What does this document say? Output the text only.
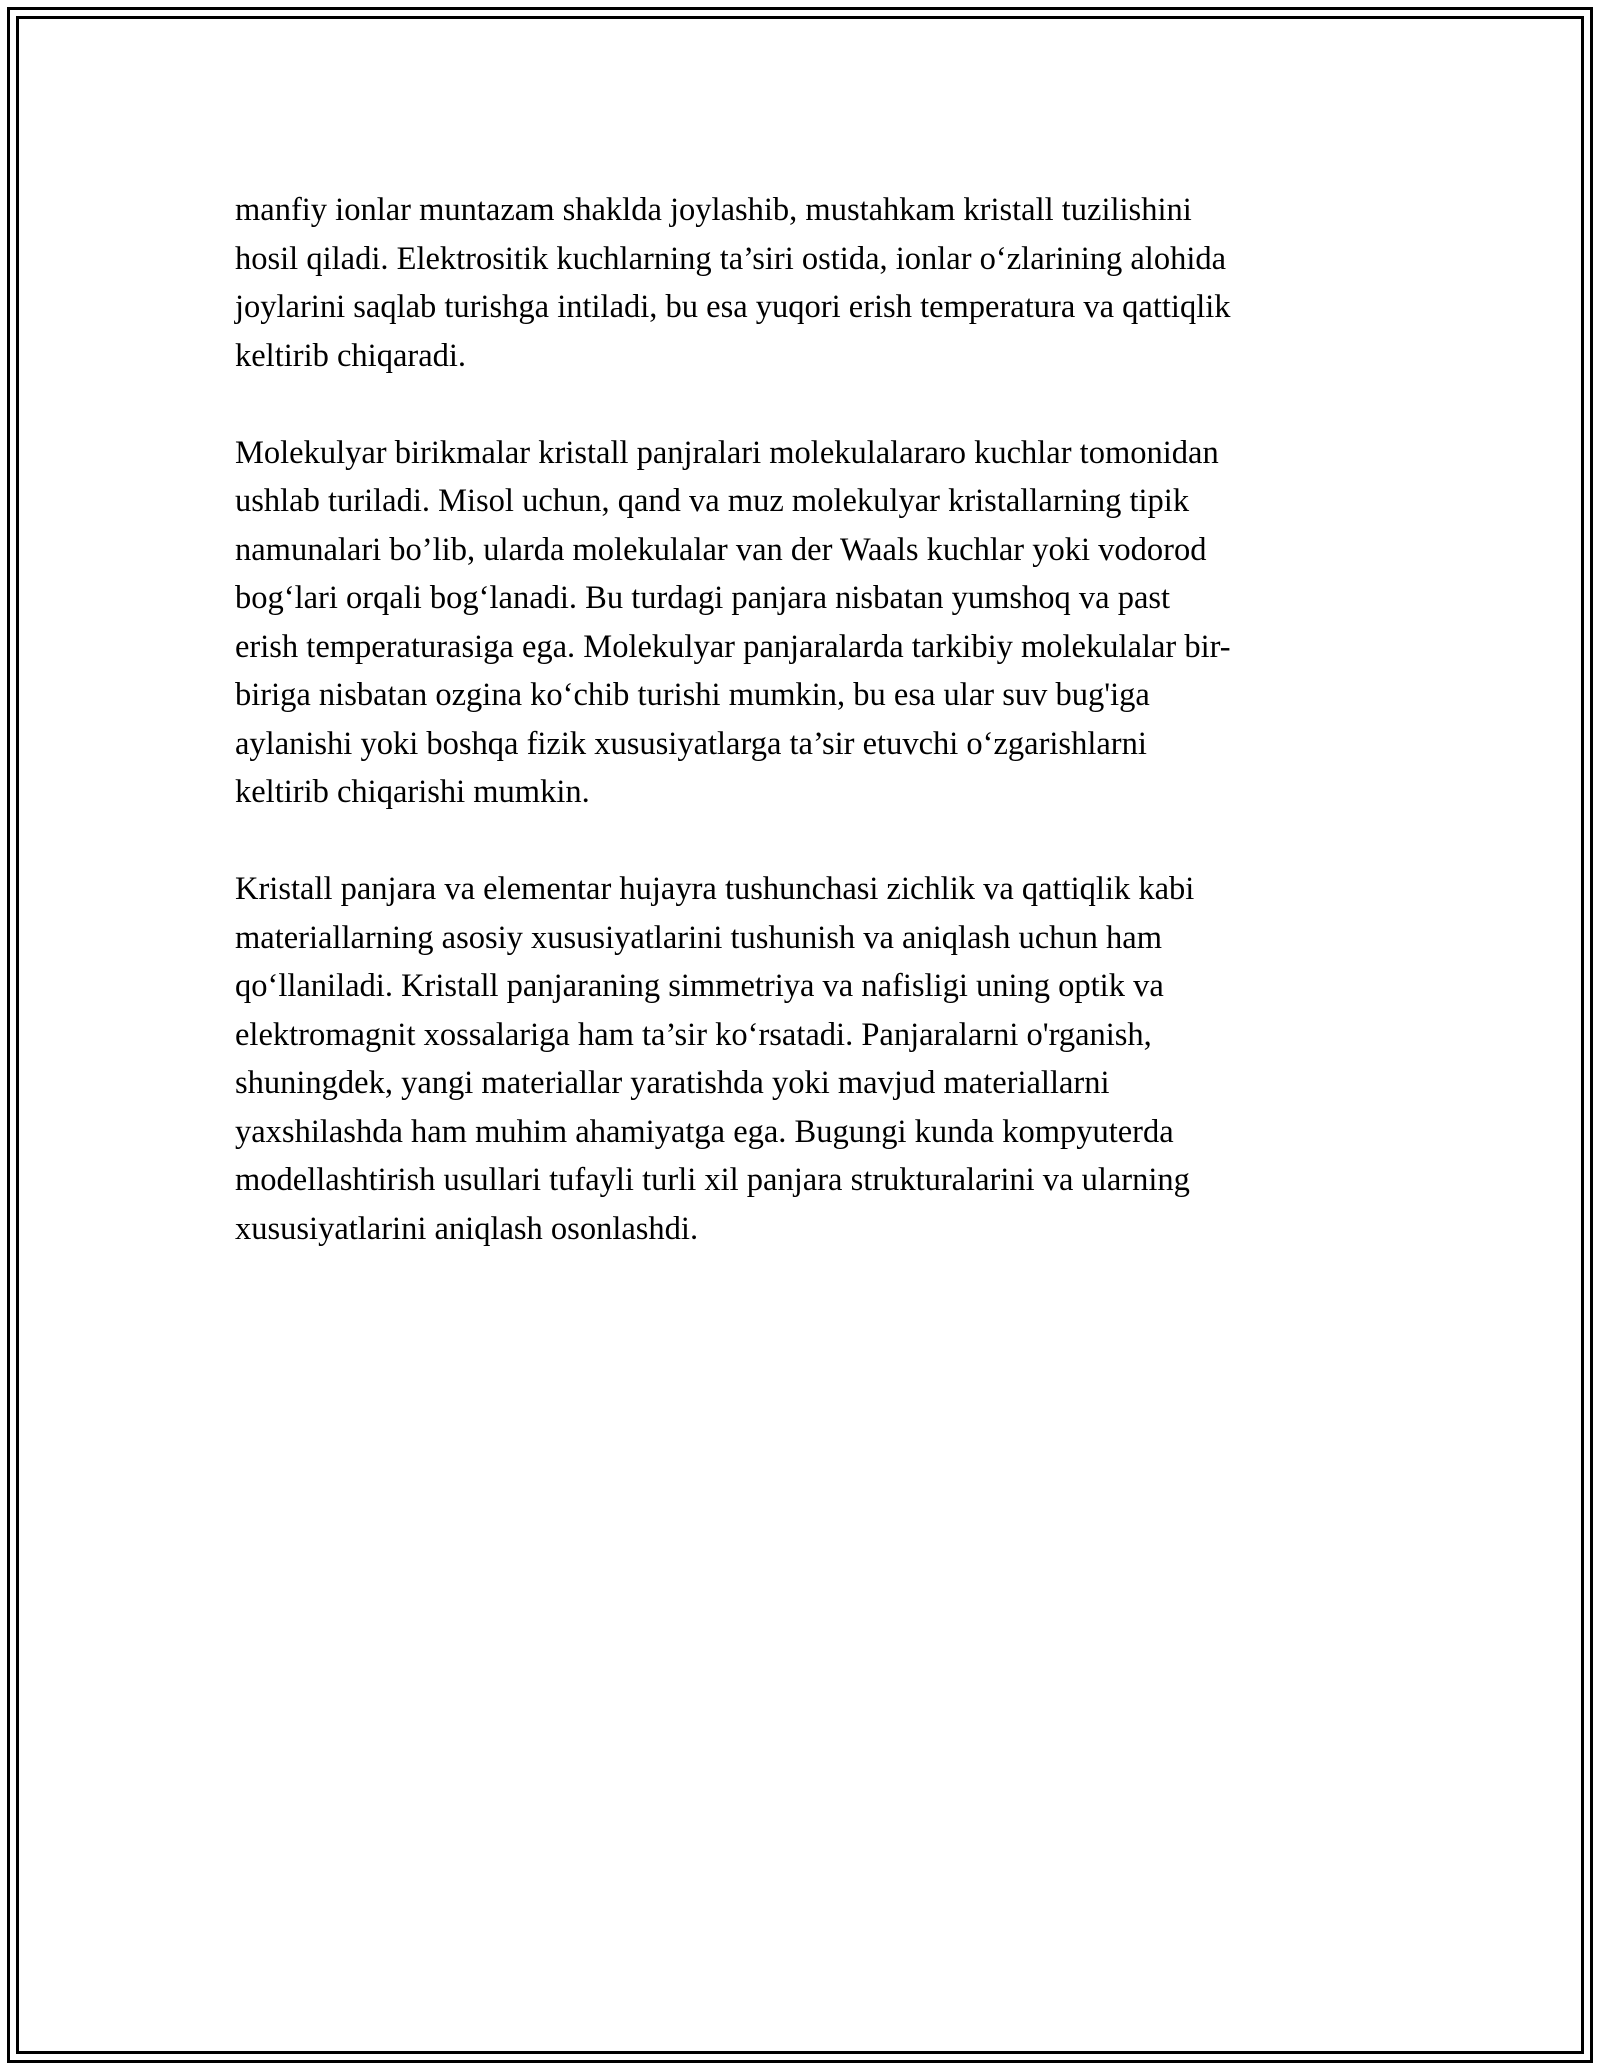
manfiy ionlar muntazam shaklda joylashib, mustahkam kristall tuzilishini
hosil qiladi. Elektrositik kuchlarning ta’siri ostida, ionlar o‘zlarining alohida
joylarini saqlab turishga intiladi, bu esa yuqori erish temperatura va qattiqlik
keltirib chiqaradi.

Molekulyar birikmalar kristall panjralari molekulalararo kuchlar tomonidan
ushlab turiladi. Misol uchun, qand va muz molekulyar kristallarning tipik
namunalari bo’lib, ularda molekulalar van der Waals kuchlar yoki vodorod
bog‘lari orqali bog‘lanadi. Bu turdagi panjara nisbatan yumshoq va past
erish temperaturasiga ega. Molekulyar panjaralarda tarkibiy molekulalar bir-
biriga nisbatan ozgina ko‘chib turishi mumkin, bu esa ular suv bug'iga
aylanishi yoki boshqa fizik xususiyatlarga ta’sir etuvchi o‘zgarishlarni
keltirib chiqarishi mumkin.

Kristall panjara va elementar hujayra tushunchasi zichlik va qattiqlik kabi
materiallarning asosiy xususiyatlarini tushunish va aniqlash uchun ham
qo‘llaniladi. Kristall panjaraning simmetriya va nafisligi uning optik va
elektromagnit xossalariga ham ta’sir ko‘rsatadi. Panjaralarni o'rganish,
shuningdek, yangi materiallar yaratishda yoki mavjud materiallarni
yaxshilashda ham muhim ahamiyatga ega. Bugungi kunda kompyuterda
modellashtirish usullari tufayli turli xil panjara strukturalarini va ularning
xususiyatlarini aniqlash osonlashdi.
